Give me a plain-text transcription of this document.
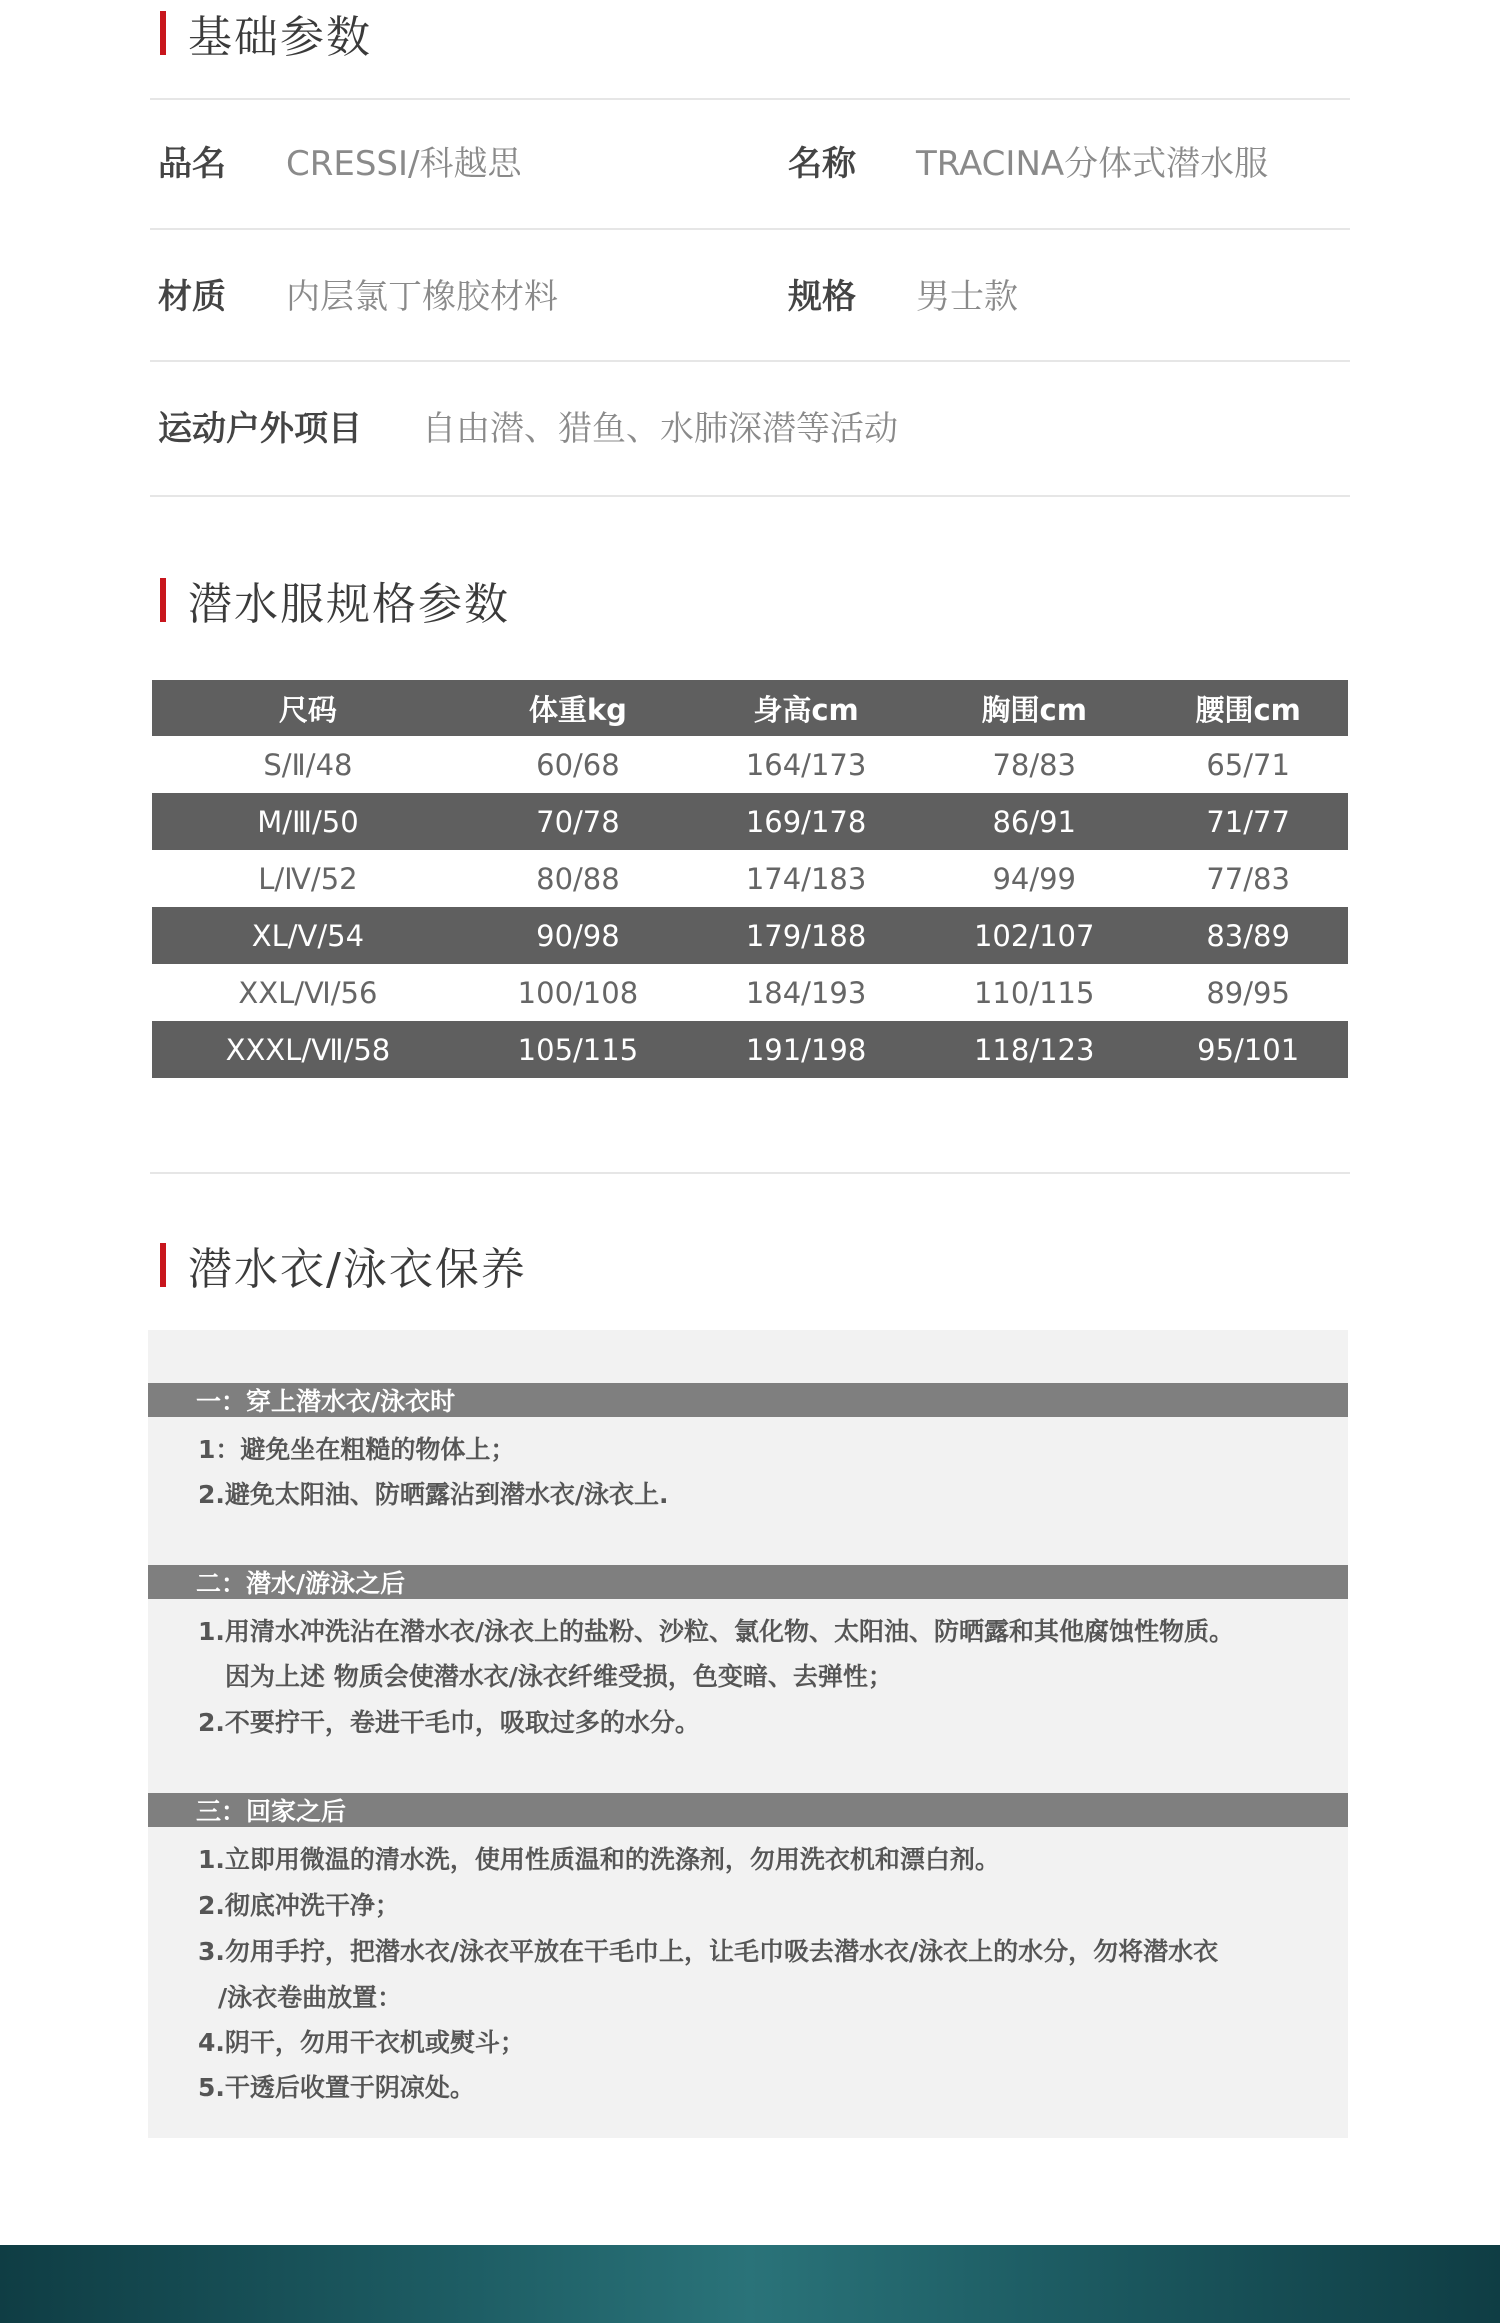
基础参数
品名 CRESSI/科越思	名称 TRACINA分体式潜水服
材质 内层氯丁橡胶材料	规格 男士款
运动户外项目 自由潜、猎鱼、水肺深潜等活动
潜水服规格参数
尺码	体重kg	身高cm	胸围cm	腰围cm
S/Ⅱ/48	60/68	164/173	78/83	65/71
M/Ⅲ/50	70/78	169/178	86/91	71/77
L/Ⅳ/52	80/88	174/183	94/99	77/83
XL/Ⅴ/54	90/98	179/188	102/107	83/89
XXL/Ⅵ/56	100/108	184/193	110/115	89/95
XXXL/Ⅶ/58	105/115	191/198	118/123	95/101
潜水衣/泳衣保养
一：穿上潜水衣/泳衣时
1：避免坐在粗糙的物体上；
2.避免太阳油、防晒露沾到潜水衣/泳衣上.
二：潜水/游泳之后
1.用清水冲洗沾在潜水衣/泳衣上的盐粉、沙粒、氯化物、太阳油、防晒露和其他腐蚀性物质。
因为上述 物质会使潜水衣/泳衣纤维受损，色变暗、去弹性；
2.不要拧干，卷进干毛巾，吸取过多的水分。
三：回家之后
1.立即用微温的清水洗，使用性质温和的洗涤剂，勿用洗衣机和漂白剂。
2.彻底冲洗干净；
3.勿用手拧，把潜水衣/泳衣平放在干毛巾上，让毛巾吸去潜水衣/泳衣上的水分，勿将潜水衣
/泳衣卷曲放置：
4.阴干，勿用干衣机或熨斗；
5.干透后收置于阴凉处。
